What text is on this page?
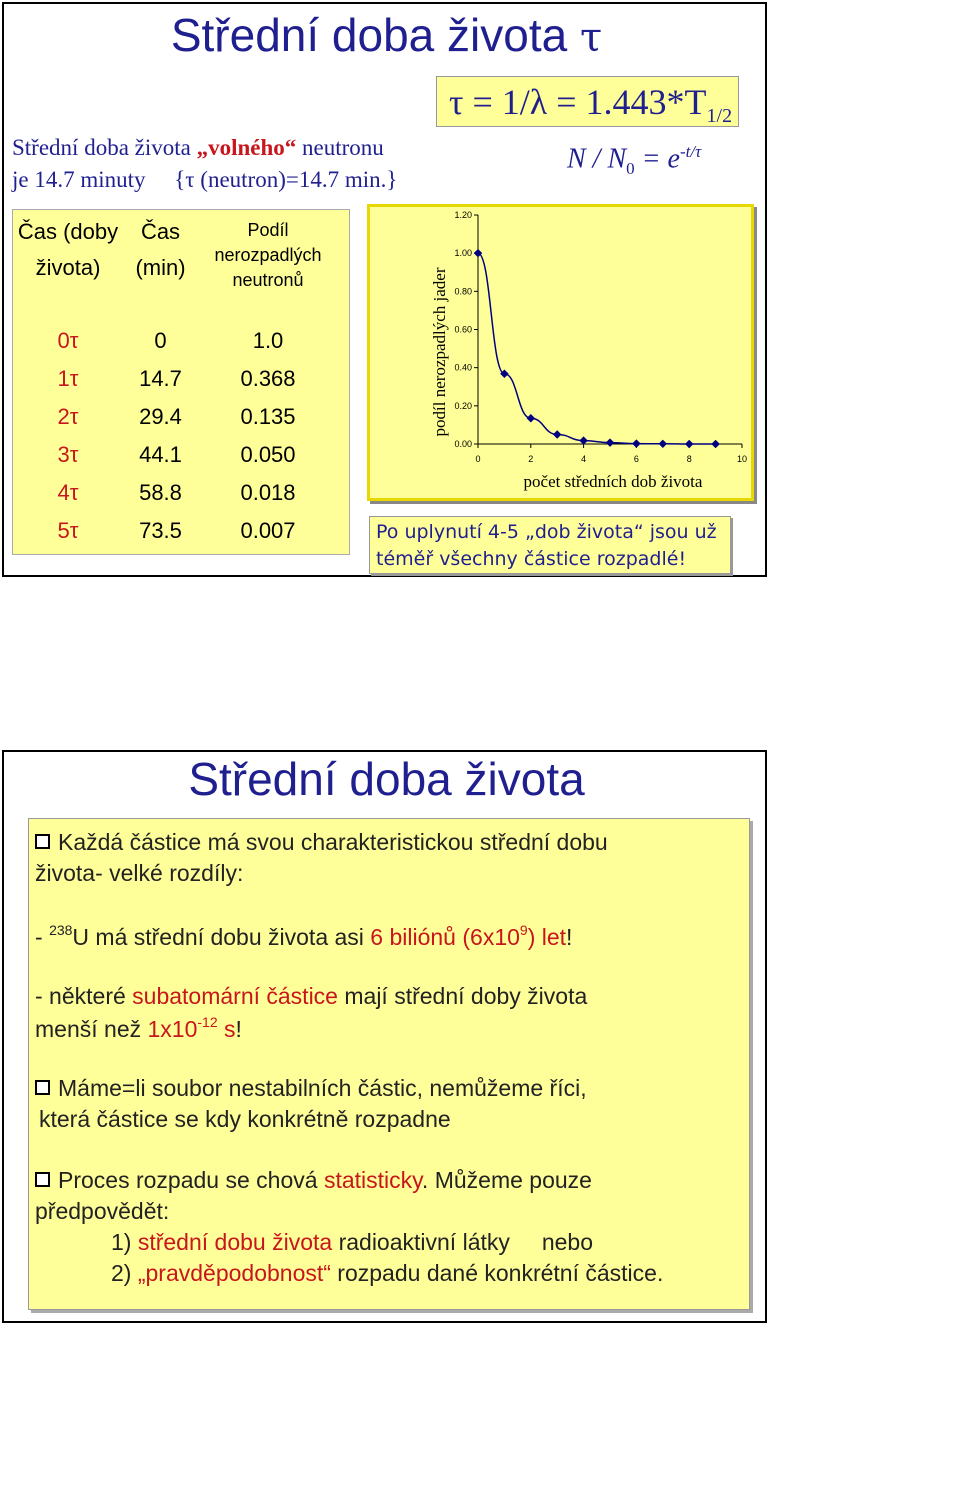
Střední doba života τ
$\tau = 1/\lambda = 1.443*T_{1/2}$
$N / N_0 = e^{-t/\tau}$
Střední doba života „volného“ neutronu
je 14.7 minuty     {τ (neutron)=14.7 min.}
Čas (doby života)	Čas (min)	Podíl nerozpadlých neutronů
0τ	0	1.0
1τ	14.7	0.368
2τ	29.4	0.135
3τ	44.1	0.050
4τ	58.8	0.018
5τ	73.5	0.007
podíl nerozpadlých jader
počet středních dob života
0.00
0.20
0.40
0.60
0.80
1.00
1.20
0	2	4	6	8	10
Po uplynutí 4-5 „dob života“ jsou už téměř všechny částice rozpadlé!
Střední doba života
Každá částice má svou charakteristickou střední dobu
života- velké rozdíly:
- $^{238}$U má střední dobu života asi 6 biliónů $(6x10^9)$ let!
- některé subatomární částice mají střední doby života
menší než $1x10^{-12}$ s!
Máme=li soubor nestabilních částic, nemůžeme říci,
která částice se kdy konkrétně rozpadne
Proces rozpadu se chová statisticky. Můžeme pouze
předpovědět:
1) střední dobu života radioaktivní látky     nebo
2) „pravděpodobnost“ rozpadu dané konkrétní částice.
